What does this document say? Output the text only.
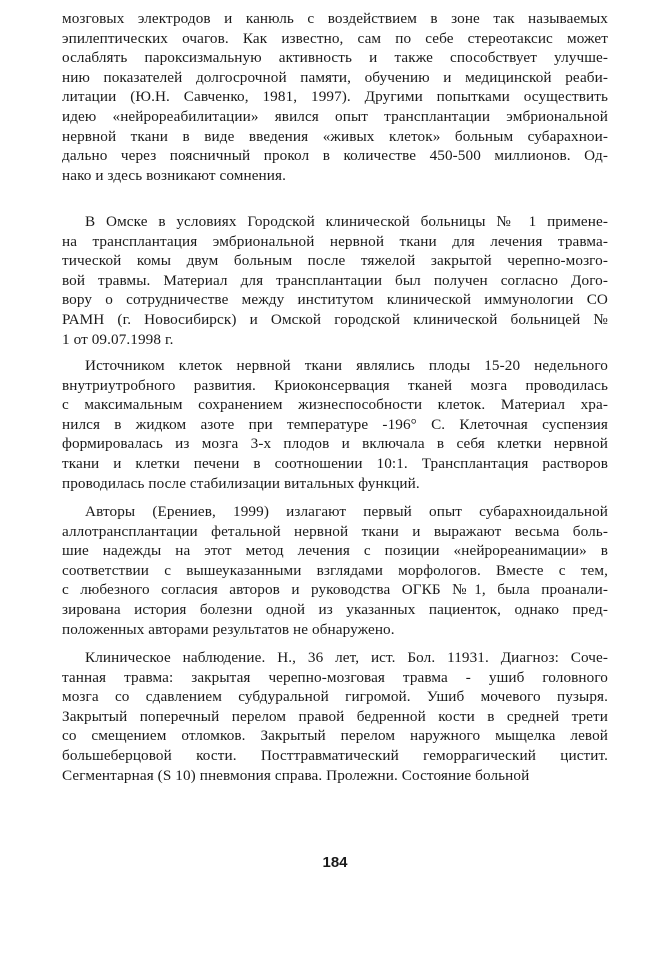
мозговых электродов и канюль с воздействием в зоне так называемых
эпилептических очагов. Как известно, сам по себе стереотаксис может
ослаблять пароксизмальную активность и также способствует улучше-
нию показателей долгосрочной памяти, обучению и медицинской реаби-
литации (Ю.Н. Савченко, 1981, 1997). Другими попытками осуществить
идею «нейрореабилитации» явился опыт трансплантации эмбриональной
нервной ткани в виде введения «живых клеток» больным субарахнои-
дально через поясничный прокол в количестве 450-500 миллионов. Од-
нако и здесь возникают сомнения.
В Омске в условиях Городской клинической больницы № 1 примене-
на трансплантация эмбриональной нервной ткани для лечения травма-
тической комы двум больным после тяжелой закрытой черепно-мозго-
вой травмы. Материал для трансплантации был получен согласно Дого-
вору о сотрудничестве между институтом клинической иммунологии СО
РАМН (г. Новосибирск) и Омской городской клинической больницей №
1 от 09.07.1998 г.
Источником клеток нервной ткани являлись плоды 15-20 недельного
внутриутробного развития. Криоконсервация тканей мозга проводилась
с максимальным сохранением жизнеспособности клеток. Материал хра-
нился в жидком азоте при температуре -196° С. Клеточная суспензия
формировалась из мозга 3-х плодов и включала в себя клетки нервной
ткани и клетки печени в соотношении 10:1. Трансплантация растворов
проводилась после стабилизации витальных функций.
Авторы (Ерениев, 1999) излагают первый опыт субарахноидальной
аллотрансплантации фетальной нервной ткани и выражают весьма боль-
шие надежды на этот метод лечения с позиции «нейрореанимации» в
соответствии с вышеуказанными взглядами морфологов. Вместе с тем,
с любезного согласия авторов и руководства ОГКБ №1, была проанали-
зирована история болезни одной из указанных пациенток, однако пред-
положенных авторами результатов не обнаружено.
Клиническое наблюдение. Н., 36 лет, ист. Бол. 11931. Диагноз: Соче-
танная травма: закрытая черепно-мозговая травма - ушиб головного
мозга со сдавлением субдуральной гигромой. Ушиб мочевого пузыря.
Закрытый поперечный перелом правой бедренной кости в средней трети
со смещением отломков. Закрытый перелом наружного мыщелка левой
большеберцовой кости. Посттравматический геморрагический цистит.
Сегментарная (S 10) пневмония справа. Пролежни. Состояние больной
184
